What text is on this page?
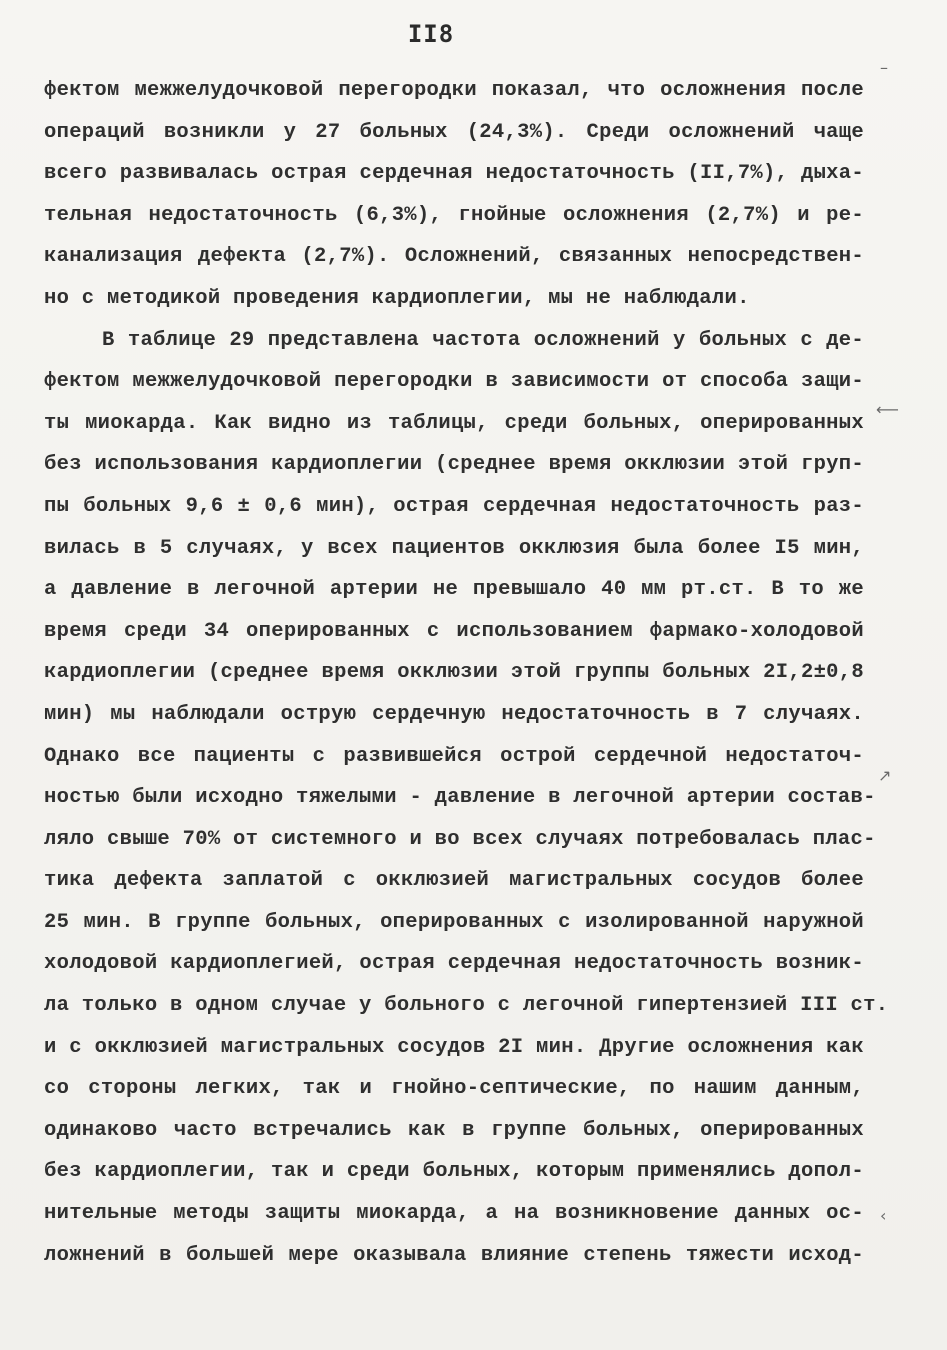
II8
фектом межжелудочковой перегородки показал, что осложнения после
операций возникли у 27 больных (24,3%). Среди осложнений чаще
всего развивалась острая сердечная недостаточность (II,7%), дыха-
тельная недостаточность (6,3%), гнойные осложнения (2,7%) и ре-
канализация дефекта (2,7%). Осложнений, связанных непосредствен-
но с методикой проведения кардиоплегии, мы не наблюдали.
В таблице 29 представлена частота осложнений у больных с де-
фектом межжелудочковой перегородки в зависимости от способа защи-
ты миокарда. Как видно из таблицы, среди больных, оперированных
без использования кардиоплегии (среднее время окклюзии этой груп-
пы больных 9,6 ± 0,6 мин), острая сердечная недостаточность раз-
вилась в 5 случаях, у всех пациентов окклюзия была более I5 мин,
а давление в легочной артерии не превышало 40 мм рт.ст. В то же
время среди 34 оперированных с использованием фармако-холодовой
кардиоплегии (среднее время окклюзии этой группы больных 2I,2±0,8
мин) мы наблюдали острую сердечную недостаточность в 7 случаях.
Однако все пациенты с развившейся острой сердечной недостаточ-
ностью были исходно тяжелыми - давление в легочной артерии состав-
ляло свыше 70% от системного и во всех случаях потребовалась плас-
тика дефекта заплатой с окклюзией магистральных сосудов более
25 мин. В группе больных, оперированных с изолированной наружной
холодовой кардиоплегией, острая сердечная недостаточность возник-
ла только в одном случае у больного с легочной гипертензией III ст.
и с окклюзией магистральных сосудов 2I мин. Другие осложнения как
со стороны легких, так и гнойно-септические, по нашим данным,
одинаково часто встречались как в группе больных, оперированных
без кардиоплегии, так и среди больных, которым применялись допол-
нительные методы защиты миокарда, а на возникновение данных ос-
ложнений в большей мере оказывала влияние степень тяжести исход-
–
⟵
↗
‹
